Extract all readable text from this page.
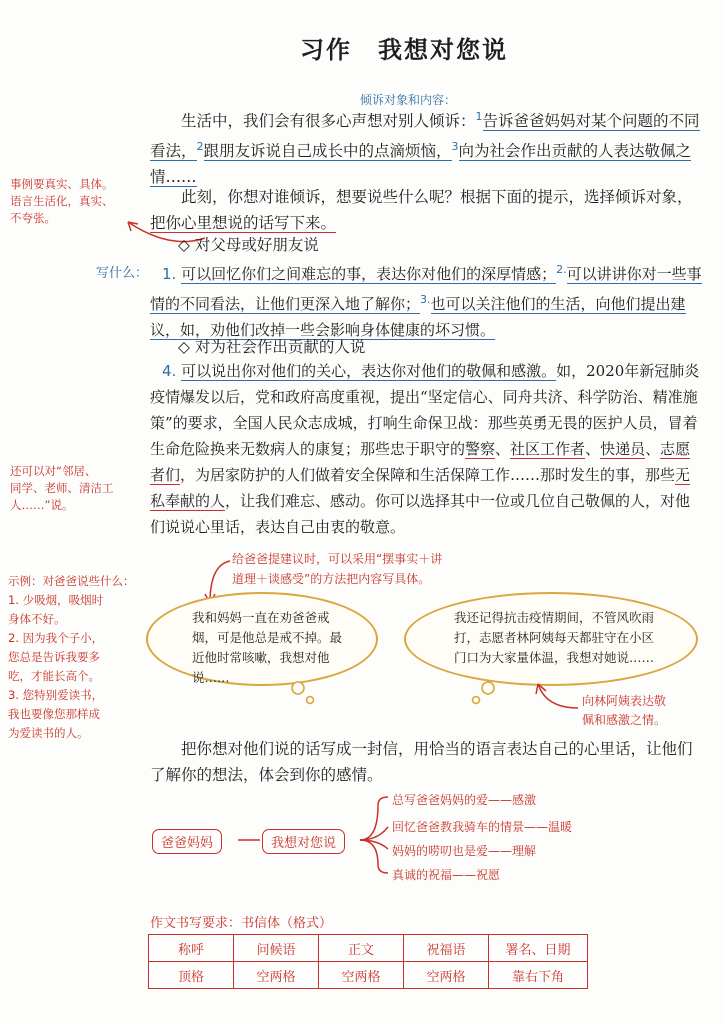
习作 我想对您说
倾诉对象和内容：
生活中，我们会有很多心声想对别人倾诉：$^1$告诉爸爸妈妈对某个问题的不同看法，$^2$跟朋友诉说自己成长中的点滴烦恼，$^3$向为社会作出贡献的人表达敬佩之情……
此刻，你想对谁倾诉，想要说些什么呢？根据下面的提示，选择倾诉对象，把你心里想说的话写下来。
事例要真实、具体。
语言生活化，真实、
不夸张。
◇ 对父母或好朋友说
写什么： 1. 可以回忆你们之间难忘的事，表达你对他们的深厚情感；$^{2.}$可以讲讲你对一些事情的不同看法，让他们更深入地了解你；$^{3.}$也可以关注他们的生活，向他们提出建议，如，劝他们改掉一些会影响身体健康的坏习惯。
◇ 对为社会作出贡献的人说
4. 可以说出你对他们的关心，表达你对他们的敬佩和感激。如，2020年新冠肺炎疫情爆发以后，党和政府高度重视，提出“坚定信心、同舟共济、科学防治、精准施策”的要求，全国人民众志成城，打响生命保卫战：那些英勇无畏的医护人员，冒着生命危险换来无数病人的康复；那些忠于职守的警察、社区工作者、快递员、志愿者们，为居家防护的人们做着安全保障和生活保障工作……那时发生的事，那些无私奉献的人，让我们难忘、感动。你可以选择其中一位或几位自己敬佩的人，对他们说说心里话，表达自己由衷的敬意。
还可以对“邻居、
同学、老师、清洁工
人……”说。
示例：对爸爸说些什么：
1. 少吸烟，吸烟时
身体不好。
2. 因为我个子小，
您总是告诉我要多
吃，才能长高个。
3. 您特别爱读书，
我也要像您那样成
为爱读书的人。
给爸爸提建议时，可以采用“摆事实＋讲
道理＋谈感受”的方法把内容写具体。
我和妈妈一直在劝爸爸戒烟，可是他总是戒不掉。最近他时常咳嗽，我想对他说……
我还记得抗击疫情期间，不管风吹雨打，志愿者林阿姨每天都驻守在小区门口为大家量体温，我想对她说……
向林阿姨表达敬
佩和感激之情。
把你想对他们说的话写成一封信，用恰当的语言表达自己的心里话，让他们了解你的想法，体会到你的感情。
爸爸妈妈	我想对您说
总写爸爸妈妈的爱——感激
回忆爸爸教我骑车的情景——温暖
妈妈的唠叨也是爱——理解
真诚的祝福——祝愿
作文书写要求：书信体（格式）
称呼	问候语	正文	祝福语	署名、日期
顶格	空两格	空两格	空两格	靠右下角
